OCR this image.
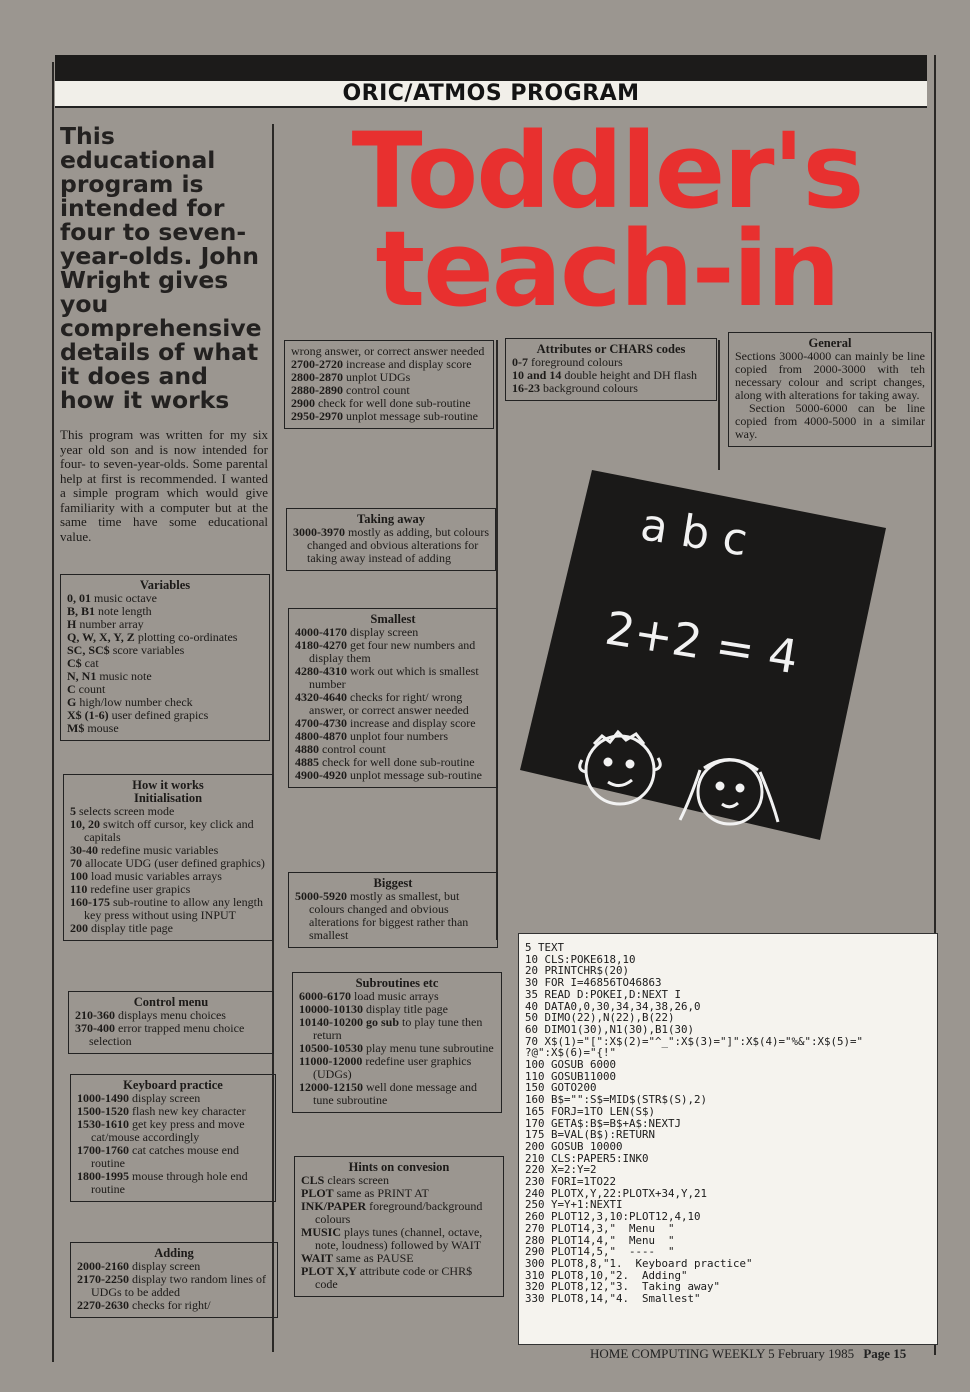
ORIC/ATMOS PROGRAM
This educational program is intended for four to seven-year-olds. John Wright gives you comprehensive details of what it does and how it works
This program was written for my six year old son and is now intended for four- to seven-year-olds. Some parental help at first is recommended. I wanted a simple program which would give familiarity with a computer but at the same time have some educational value.
Toddler's
teach-in
Variables
0, 01 music octave
B, B1 note length
H number array
Q, W, X, Y, Z plotting co-ordinates
SC, SC$ score variables
C$ cat
N, N1 music note
C count
G high/low number check
X$ (1-6) user defined grapics
M$ mouse
How it works
Initialisation
5 selects screen mode
10, 20 switch off cursor, key click and capitals
30-40 redefine music variables
70 allocate UDG (user defined graphics)
100 load music variables arrays
110 redefine user grapics
160-175 sub-routine to allow any length key press without using INPUT
200 display title page
Control menu
210-360 displays menu choices
370-400 error trapped menu choice selection
Keyboard practice
1000-1490 display screen
1500-1520 flash new key character
1530-1610 get key press and move cat/mouse accordingly
1700-1760 cat catches mouse end routine
1800-1995 mouse through hole end routine
Adding
2000-2160 display screen
2170-2250 display two random lines of UDGs to be added
2270-2630 checks for right/
wrong answer, or correct answer needed
2700-2720 increase and display score
2800-2870 unplot UDGs
2880-2890 control count
2900 check for well done sub-routine
2950-2970 unplot message sub-routine
Taking away
3000-3970 mostly as adding, but colours changed and obvious alterations for taking away instead of adding
Smallest
4000-4170 display screen
4180-4270 get four new numbers and display them
4280-4310 work out which is smallest number
4320-4640 checks for right/ wrong answer, or correct answer needed
4700-4730 increase and display score
4800-4870 unplot four numbers
4880 control count
4885 check for well done sub-routine
4900-4920 unplot message sub-routine
Biggest
5000-5920 mostly as smallest, but colours changed and obvious alterations for biggest rather than smallest
Subroutines etc
6000-6170 load music arrays
10000-10130 display title page
10140-10200 go sub to play tune then return
10500-10530 play menu tune subroutine
11000-12000 redefine user graphics (UDGs)
12000-12150 well done message and tune subroutine
Hints on convesion
CLS clears screen
PLOT same as PRINT AT
INK/PAPER foreground/background colours
MUSIC plays tunes (channel, octave, note, loudness) followed by WAIT
WAIT same as PAUSE
PLOT X,Y attribute code or CHR$ code
Attributes or CHARS codes
0-7 foreground colours
10 and 14 double height and DH flash
16-23 background colours
General
Sections 3000-4000 can mainly be line copied from 2000-3000 with teh necessary colour and script changes, along with alterations for taking away.
Section 5000-6000 can be line copied from 4000-5000 in a similar way.
a b c
2+2 = 4
5 TEXT
10 CLS:POKE618,10
20 PRINTCHR$(20)
30 FOR I=46856TO46863
35 READ D:POKEI,D:NEXT I
40 DATA0,0,30,34,34,38,26,0
50 DIMO(22),N(22),B(22)
60 DIMO1(30),N1(30),B1(30)
70 X$(1)="[":X$(2)="^_":X$(3)="]":X$(4)="%&":X$(5)="
?@":X$(6)="{!"
100 GOSUB 6000
110 GOSUB11000
150 GOTO200
160 B$="":S$=MID$(STR$(S),2)
165 FORJ=1TO LEN(S$)
170 GETA$:B$=B$+A$:NEXTJ
175 B=VAL(B$):RETURN
200 GOSUB 10000
210 CLS:PAPER5:INK0
220 X=2:Y=2
230 FORI=1TO22
240 PLOTX,Y,22:PLOTX+34,Y,21
250 Y=Y+1:NEXTI
260 PLOT12,3,10:PLOT12,4,10
270 PLOT14,3,"  Menu  "
280 PLOT14,4,"  Menu  "
290 PLOT14,5,"  ----  "
300 PLOT8,8,"1.  Keyboard practice"
310 PLOT8,10,"2.  Adding"
320 PLOT8,12,"3.  Taking away"
330 PLOT8,14,"4.  Smallest"
HOME COMPUTING WEEKLY 5 February 1985 Page 15
